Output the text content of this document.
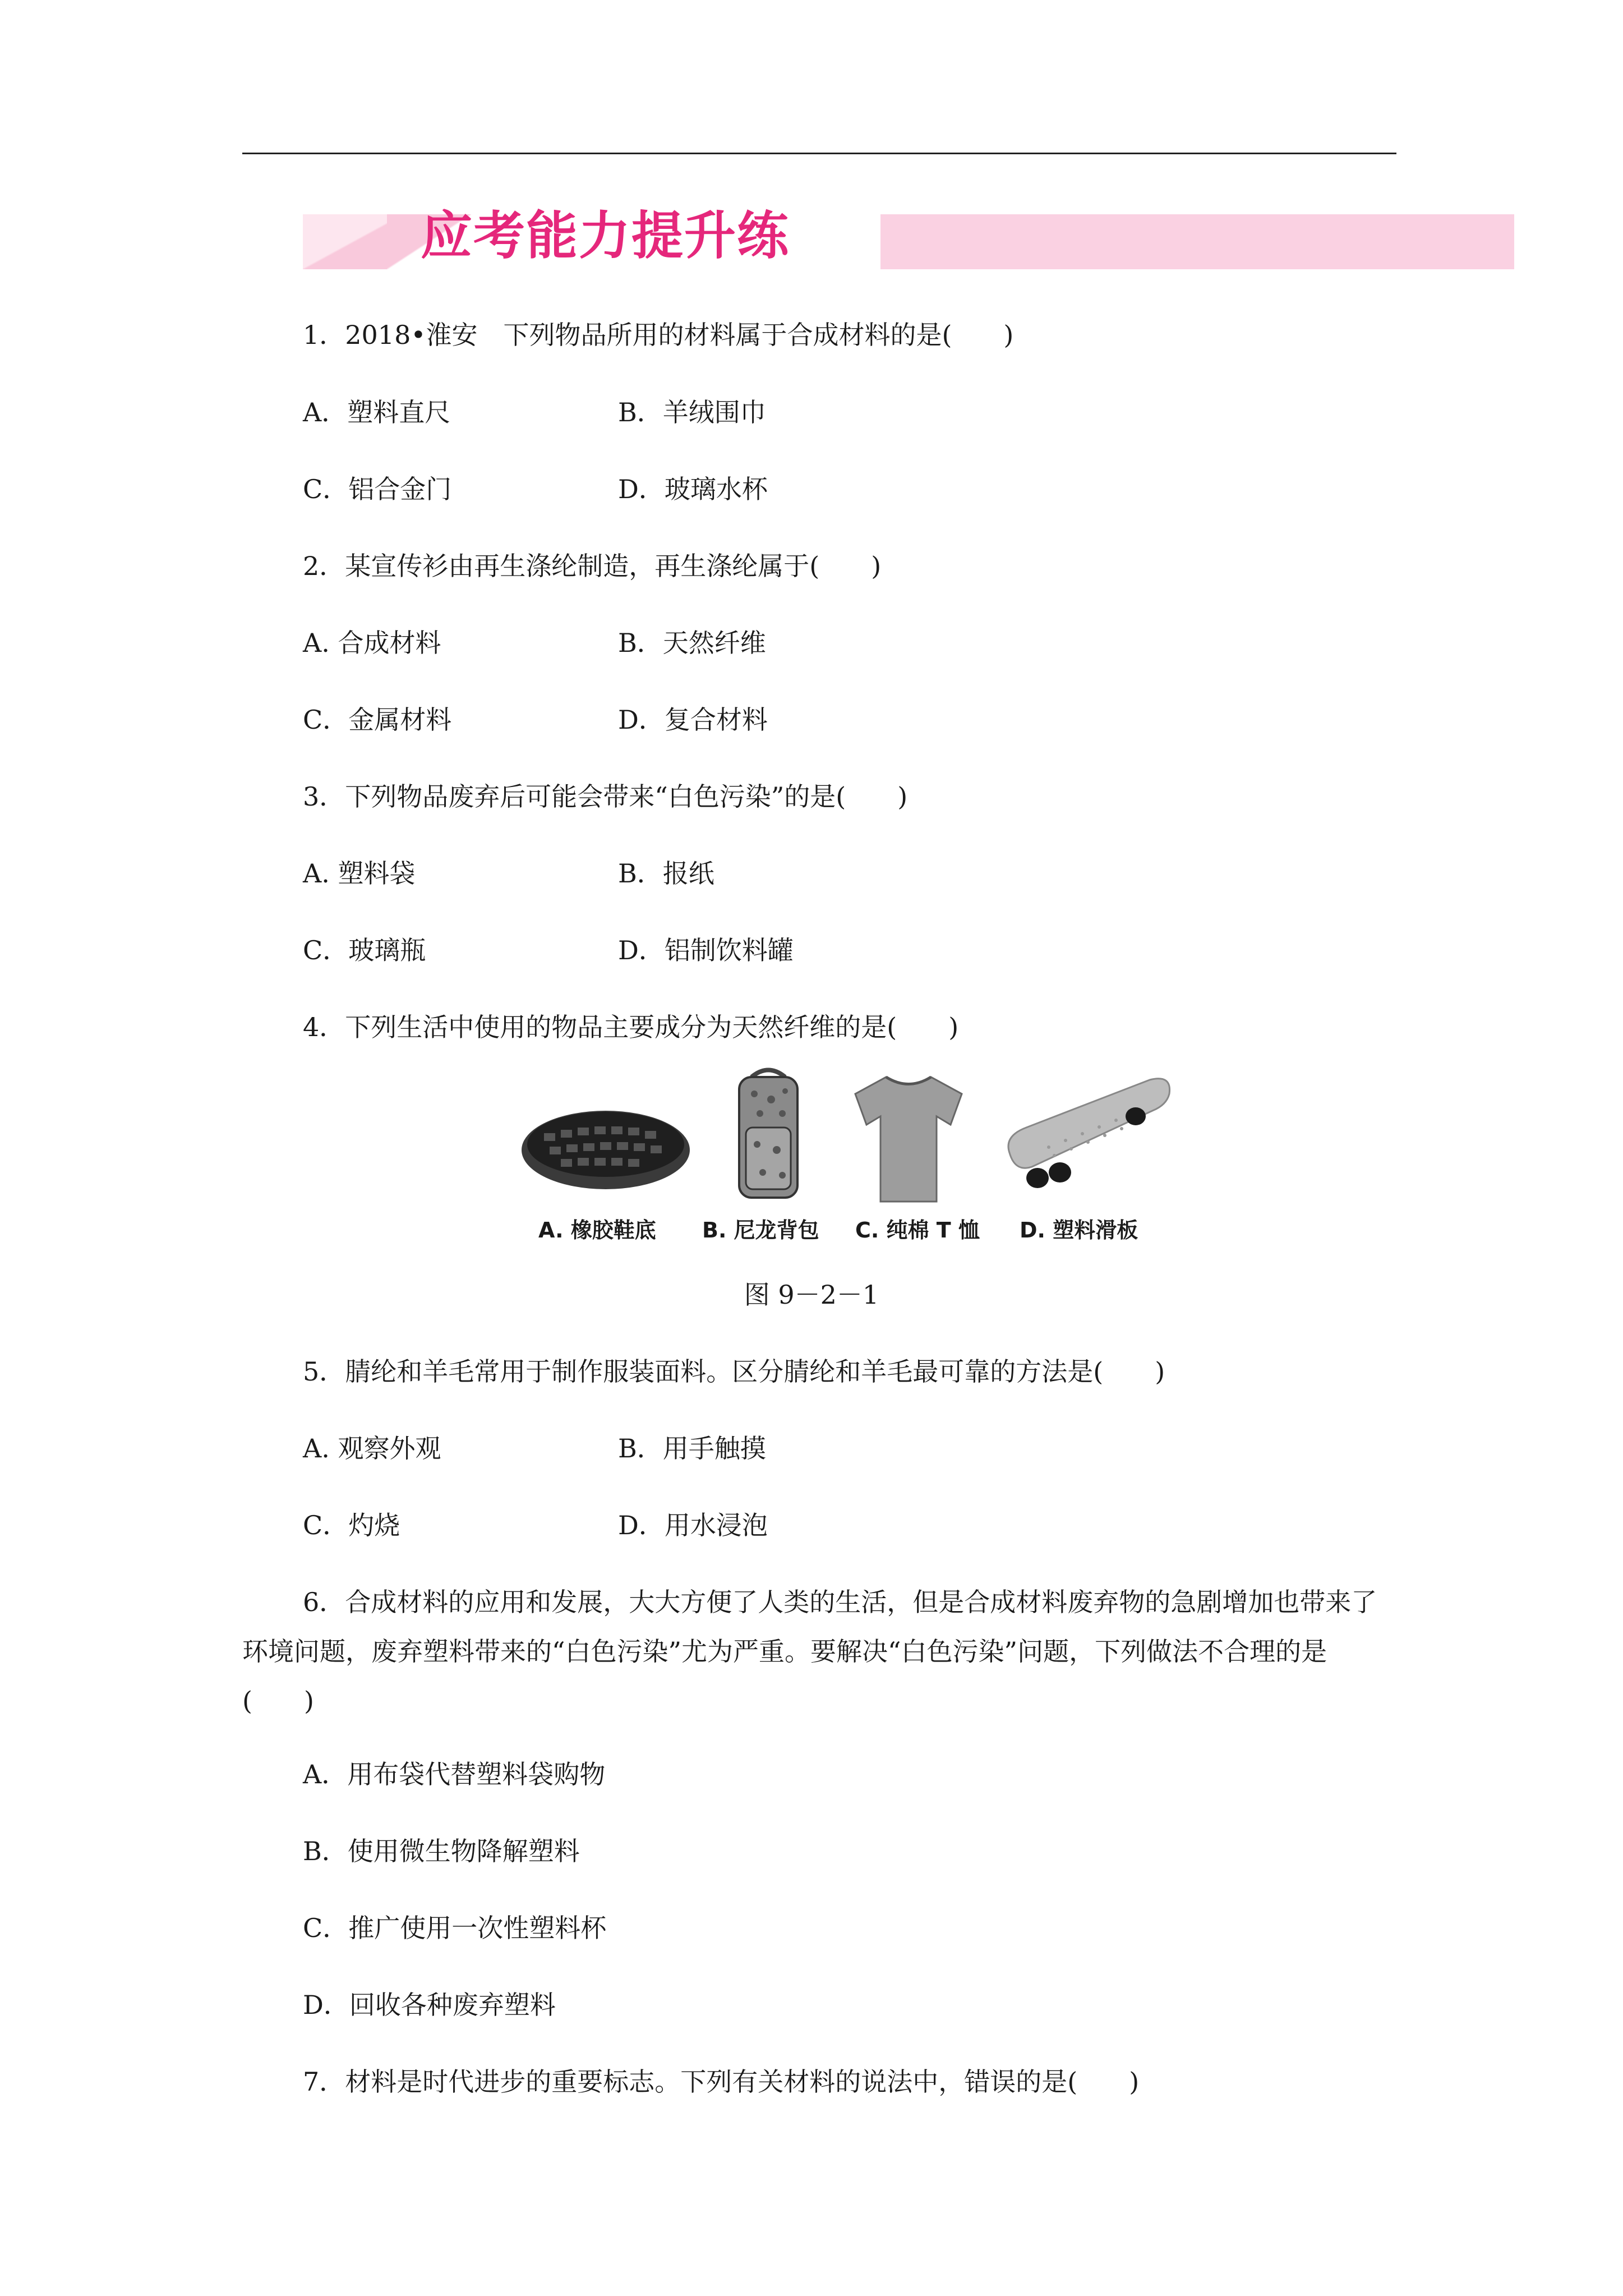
应考能力提升练
1．2018•淮安　下列物品所用的材料属于合成材料的是(　　)
A．塑料直尺	B．羊绒围巾
C．铝合金门	D．玻璃水杯
2．某宣传衫由再生涤纶制造，再生涤纶属于(　　)
A. 合成材料	B．天然纤维
C．金属材料	D．复合材料
3．下列物品废弃后可能会带来“白色污染”的是(　　)
A. 塑料袋	B．报纸
C．玻璃瓶	D．铝制饮料罐
4．下列生活中使用的物品主要成分为天然纤维的是(　　)
A. 橡胶鞋底 B. 尼龙背包 C. 纯棉 T 恤 D. 塑料滑板
图 9－2－1
5．腈纶和羊毛常用于制作服装面料。区分腈纶和羊毛最可靠的方法是(　　)
A. 观察外观	B．用手触摸
C．灼烧	D．用水浸泡
6．合成材料的应用和发展，大大方便了人类的生活，但是合成材料废弃物的急剧增加也带来了环境问题，废弃塑料带来的“白色污染”尤为严重。要解决“白色污染”问题，下列做法不合理的是(　　)
A．用布袋代替塑料袋购物
B．使用微生物降解塑料
C．推广使用一次性塑料杯
D．回收各种废弃塑料
7．材料是时代进步的重要标志。下列有关材料的说法中，错误的是(　　)
